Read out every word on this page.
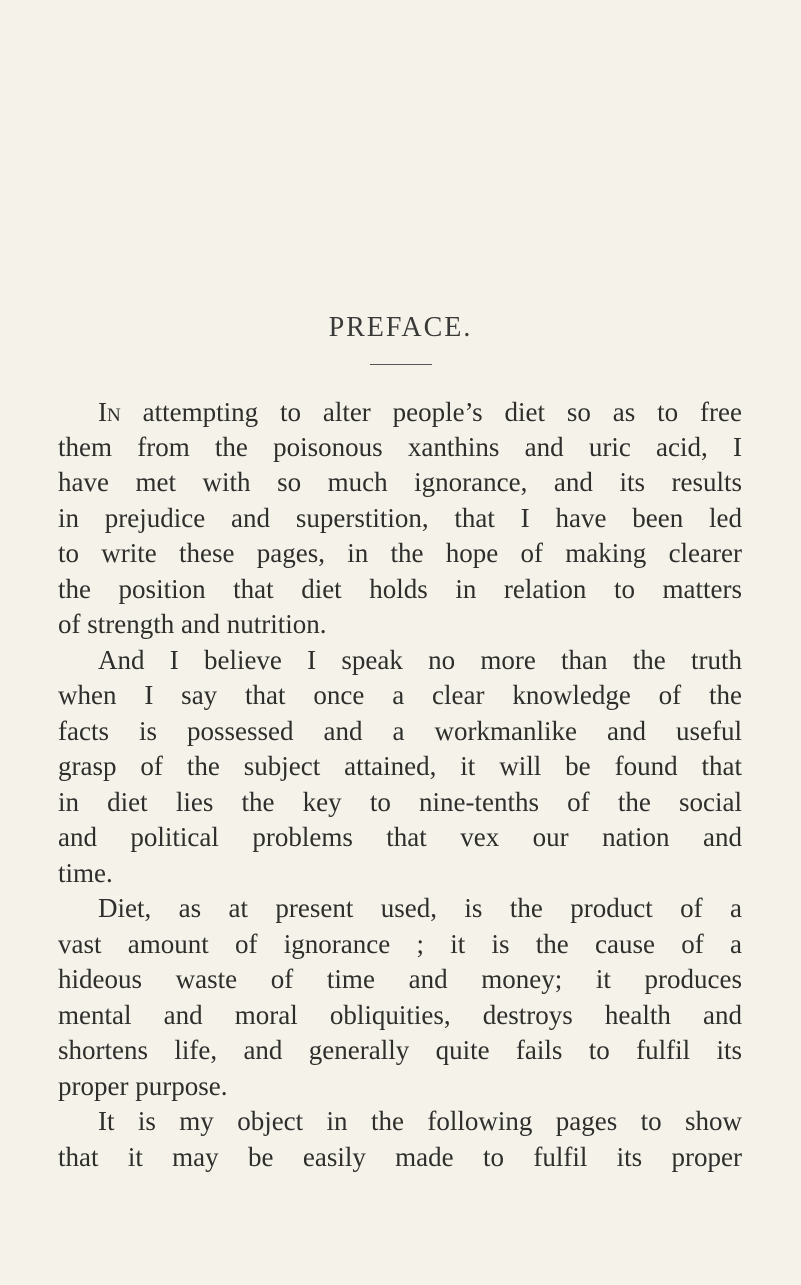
PREFACE.
In attempting to alter people’s diet so as to free
them from the poisonous xanthins and uric acid, I
have met with so much ignorance, and its results
in prejudice and superstition, that I have been led
to write these pages, in the hope of making clearer
the position that diet holds in relation to matters
of strength and nutrition.
And I believe I speak no more than the truth
when I say that once a clear knowledge of the
facts is possessed and a workmanlike and useful
grasp of the subject attained, it will be found that
in diet lies the key to nine-tenths of the social
and political problems that vex our nation and
time.
Diet, as at present used, is the product of a
vast amount of ignorance ; it is the cause of a
hideous waste of time and money; it produces
mental and moral obliquities, destroys health and
shortens life, and generally quite fails to fulfil its
proper purpose.
It is my object in the following pages to show
that it may be easily made to fulfil its proper
